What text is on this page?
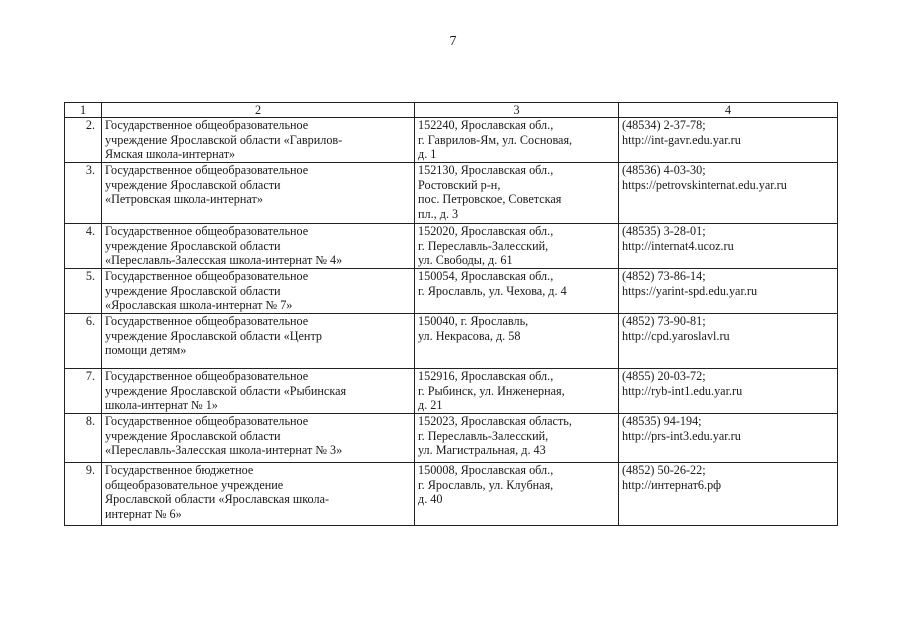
7
1	2	3	4
2.	Государственное общеобразовательное
учреждение Ярославской области «Гаврилов-
Ямская школа-интернат»	152240, Ярославская обл.,
г. Гаврилов-Ям, ул. Сосновая,
д. 1	(48534) 2-37-78;
http://int-gavr.edu.yar.ru

3.	Государственное общеобразовательное
учреждение Ярославской области
«Петровская школа-интернат»	152130, Ярославская обл.,
Ростовский р-н,
пос. Петровское, Советская
пл., д. 3	(48536) 4-03-30;
https://petrovskinternat.edu.yar.ru

4.	Государственное общеобразовательное
учреждение Ярославской области
«Переславль-Залесская школа-интернат № 4»	152020, Ярославская обл.,
г. Переславль-Залесский,
ул. Свободы, д. 61	(48535) 3-28-01;
http://internat4.ucoz.ru

5.	Государственное общеобразовательное
учреждение Ярославской области
«Ярославская школа-интернат № 7»	150054, Ярославская обл.,
г. Ярославль, ул. Чехова, д. 4	(4852) 73-86-14;
https://yarint-spd.edu.yar.ru

6.	Государственное общеобразовательное
учреждение Ярославской области «Центр
помощи детям»	150040, г. Ярославль,
ул. Некрасова, д. 58	(4852) 73-90-81;
http://cpd.yaroslavl.ru

7.	Государственное общеобразовательное
учреждение Ярославской области «Рыбинская
школа-интернат № 1»	152916, Ярославская обл.,
г. Рыбинск, ул. Инженерная,
д. 21	(4855) 20-03-72;
http://ryb-int1.edu.yar.ru

8.	Государственное общеобразовательное
учреждение Ярославской области
«Переславль-Залесская школа-интернат № 3»	152023, Ярославская область,
г. Переславль-Залесский,
ул. Магистральная, д. 43	(48535) 94-194;
http://prs-int3.edu.yar.ru

9.	Государственное бюджетное
общеобразовательное учреждение
Ярославской области «Ярославская школа-
интернат № 6»	150008, Ярославская обл.,
г. Ярославль, ул. Клубная,
д. 40	(4852) 50-26-22;
http://интернат6.рф
